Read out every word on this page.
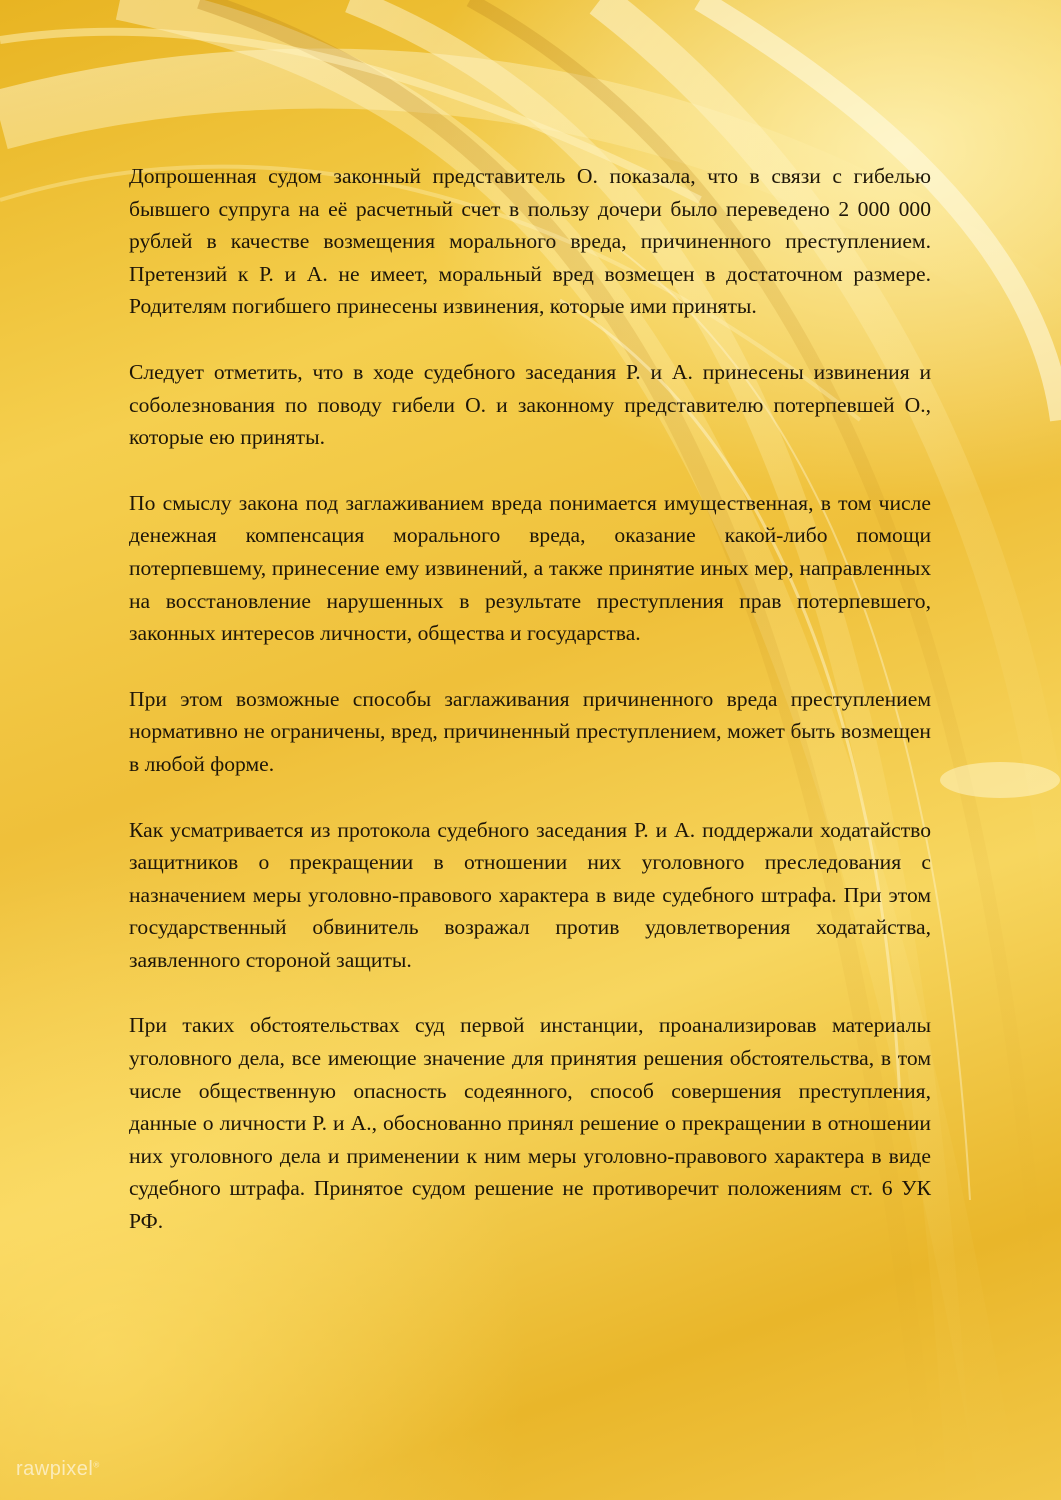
Допрошенная судом законный представитель О. показала, что в связи с гибелью бывшего супруга на её расчетный счет в пользу дочери было переведено 2 000 000 рублей в качестве возмещения морального вреда, причиненного преступлением. Претензий к Р. и А. не имеет, моральный вред возмещен в достаточном размере. Родителям погибшего принесены извинения, которые ими приняты.

Следует отметить, что в ходе судебного заседания Р. и А. принесены извинения и соболезнования по поводу гибели О. и законному представителю потерпевшей О., которые ею приняты.

По смыслу закона под заглаживанием вреда понимается имущественная, в том числе денежная компенсация морального вреда, оказание какой-либо помощи потерпевшему, принесение ему извинений, а также принятие иных мер, направленных на восстановление нарушенных в результате преступления прав потерпевшего, законных интересов личности, общества и государства.

При этом возможные способы заглаживания причиненного вреда преступлением нормативно не ограничены, вред, причиненный преступлением, может быть возмещен в любой форме.

Как усматривается из протокола судебного заседания Р. и А. поддержали ходатайство защитников о прекращении в отношении них уголовного преследования с назначением меры уголовно-правового характера в виде судебного штрафа. При этом государственный обвинитель возражал против удовлетворения ходатайства, заявленного стороной защиты.

При таких обстоятельствах суд первой инстанции, проанализировав материалы уголовного дела, все имеющие значение для принятия решения обстоятельства, в том числе общественную опасность содеянного, способ совершения преступления, данные о личности Р. и А., обоснованно принял решение о прекращении в отношении них уголовного дела и применении к ним меры уголовно-правового характера в виде судебного штрафа. Принятое судом решение не противоречит положениям ст. 6 УК РФ.

rawpixel®
